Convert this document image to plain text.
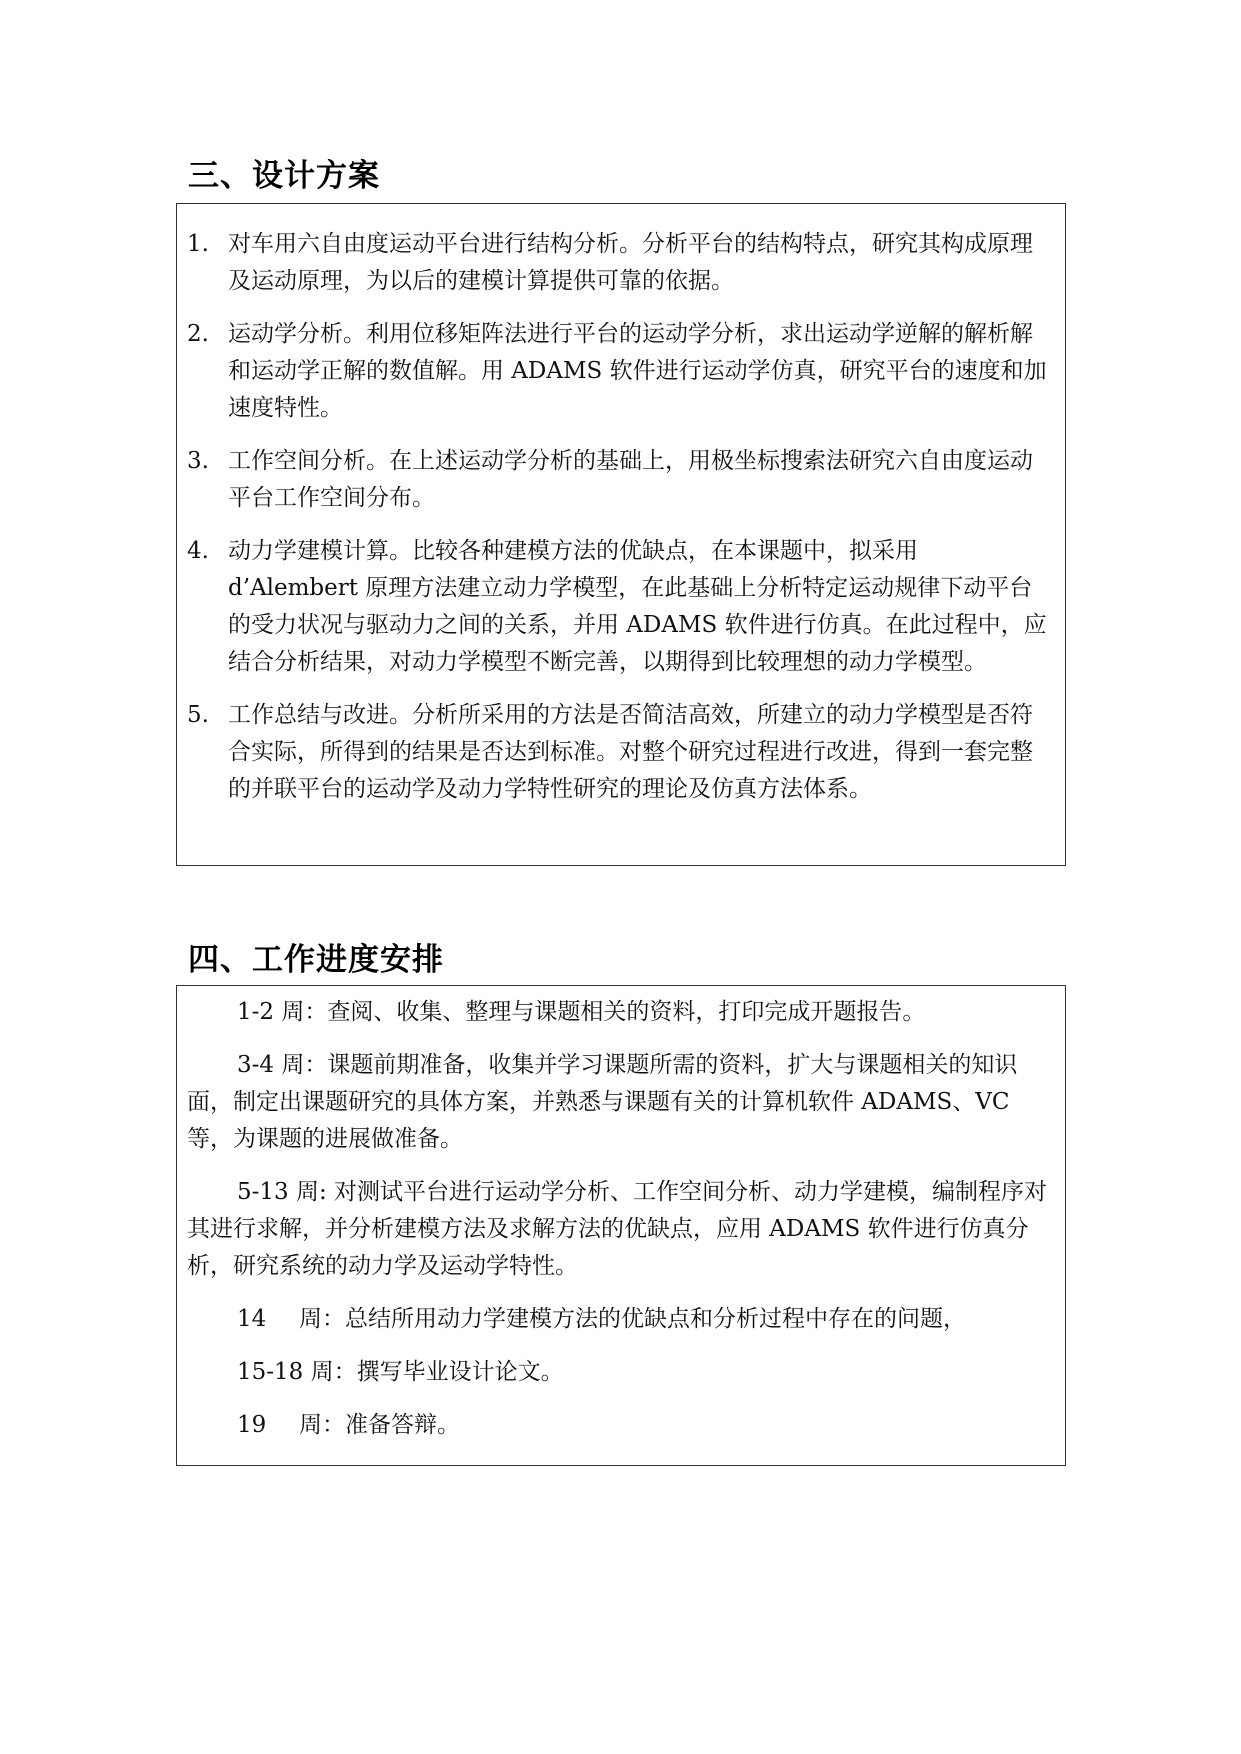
三、设计方案
1. 对车用六自由度运动平台进行结构分析。分析平台的结构特点，研究其构成原理及运动原理，为以后的建模计算提供可靠的依据。
2. 运动学分析。利用位移矩阵法进行平台的运动学分析，求出运动学逆解的解析解和运动学正解的数值解。用 ADAMS 软件进行运动学仿真，研究平台的速度和加速度特性。
3. 工作空间分析。在上述运动学分析的基础上，用极坐标搜索法研究六自由度运动平台工作空间分布。
4. 动力学建模计算。比较各种建模方法的优缺点，在本课题中，拟采用 d’Alembert 原理方法建立动力学模型，在此基础上分析特定运动规律下动平台的受力状况与驱动力之间的关系，并用 ADAMS 软件进行仿真。在此过程中，应结合分析结果，对动力学模型不断完善，以期得到比较理想的动力学模型。
5. 工作总结与改进。分析所采用的方法是否简洁高效，所建立的动力学模型是否符合实际，所得到的结果是否达到标准。对整个研究过程进行改进，得到一套完整的并联平台的运动学及动力学特性研究的理论及仿真方法体系。
四、工作进度安排

1-2 周：查阅、收集、整理与课题相关的资料，打印完成开题报告。

3-4 周：课题前期准备，收集并学习课题所需的资料，扩大与课题相关的知识面，制定出课题研究的具体方案，并熟悉与课题有关的计算机软件 ADAMS、VC 等，为课题的进展做准备。

5-13 周: 对测试平台进行运动学分析、工作空间分析、动力学建模，编制程序对其进行求解，并分析建模方法及求解方法的优缺点，应用 ADAMS 软件进行仿真分析，研究系统的动力学及运动学特性。

14 周：总结所用动力学建模方法的优缺点和分析过程中存在的问题，

15-18 周：撰写毕业设计论文。

19 周：准备答辩。
